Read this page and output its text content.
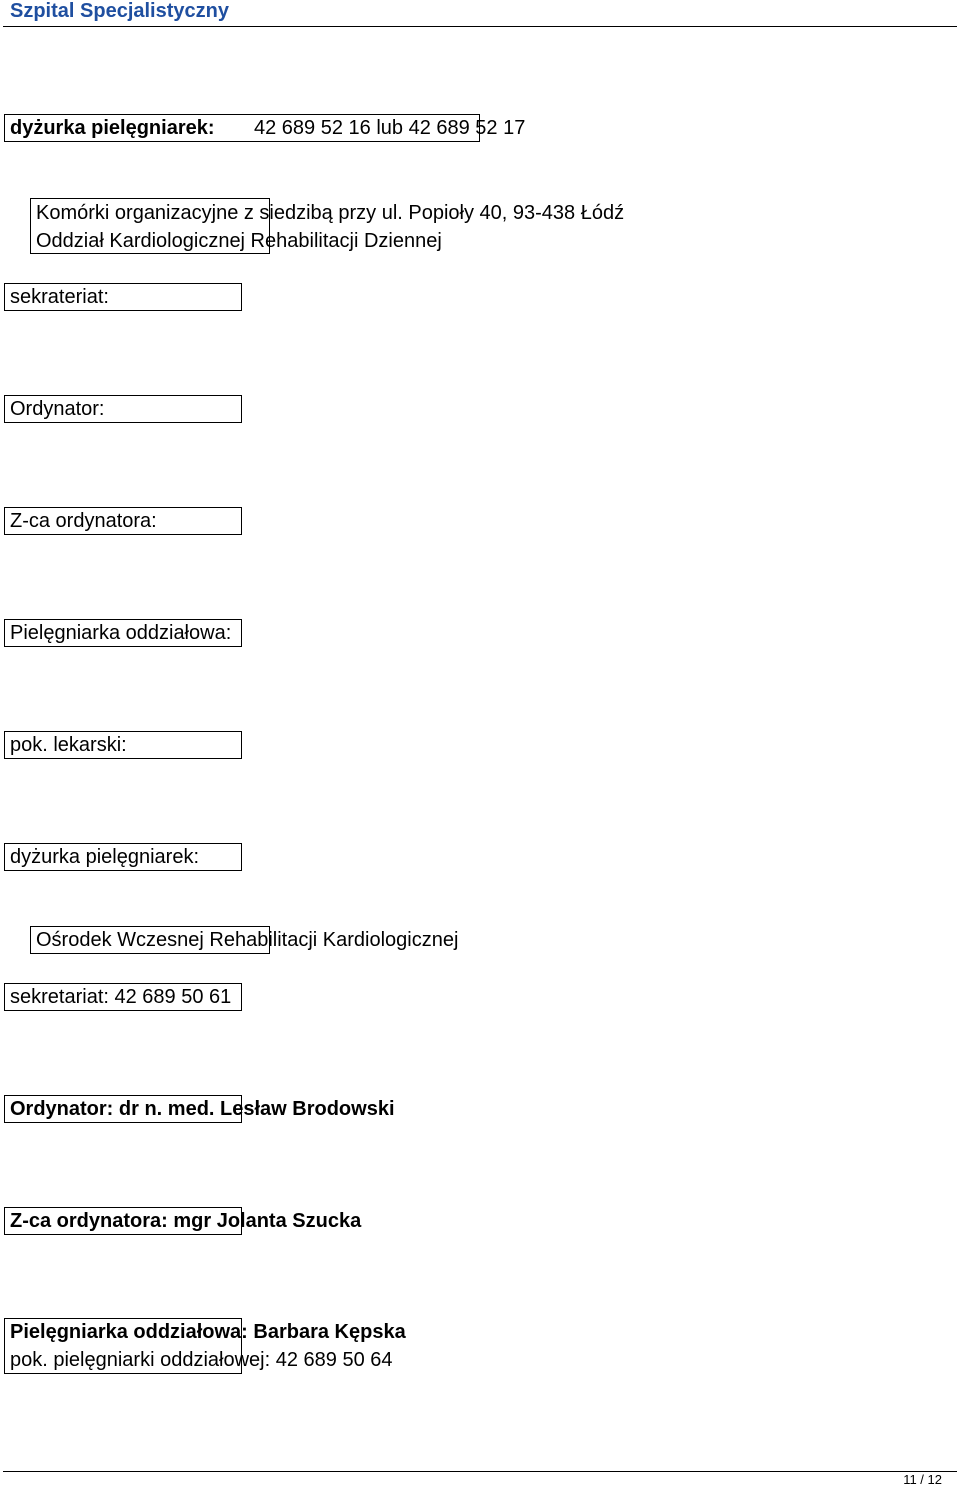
Szpital Specjalistyczny
dyżurka pielęgniarek: 42 689 52 16 lub 42 689 52 17
Komórki organizacyjne z siedzibą przy ul. Popioły 40, 93-438 Łódź
Oddział Kardiologicznej Rehabilitacji Dziennej
sekrateriat:
Ordynator:
Z-ca ordynatora:
Pielęgniarka oddziałowa:
pok. lekarski:
dyżurka pielęgniarek:
Ośrodek Wczesnej Rehabilitacji Kardiologicznej
sekretariat: 42 689 50 61
Ordynator: dr n. med. Lesław Brodowski
Z-ca ordynatora: mgr Jolanta Szucka
Pielęgniarka oddziałowa: Barbara Kępska
pok. pielęgniarki oddziałowej: 42 689 50 64
11 / 12
